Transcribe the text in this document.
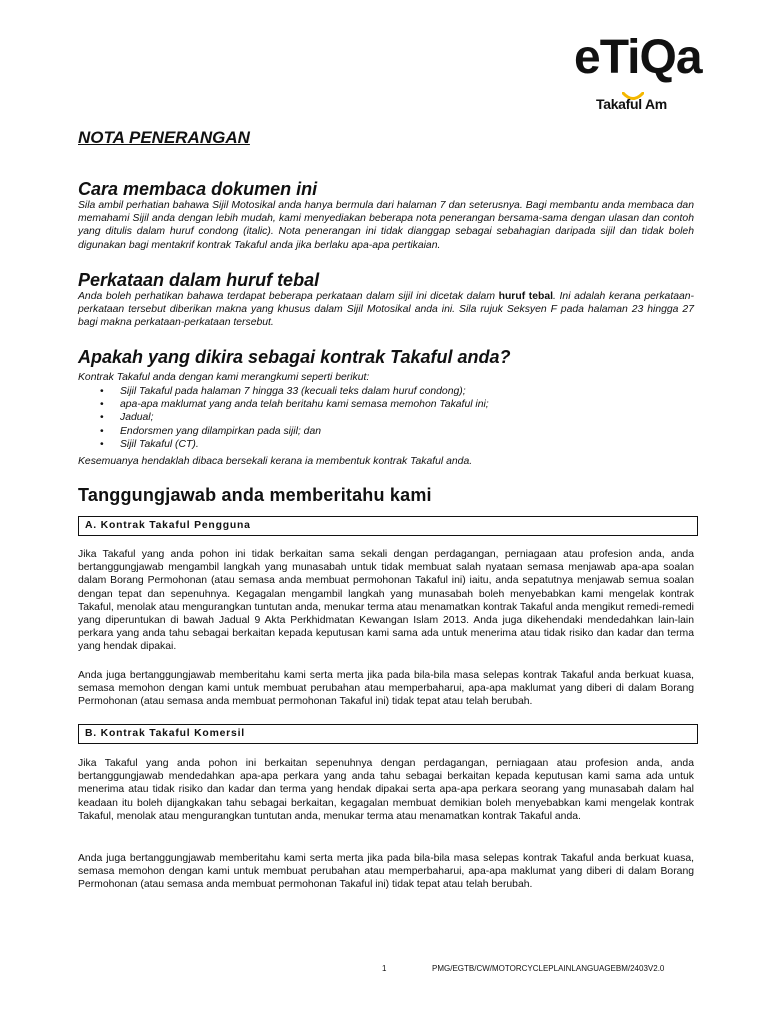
eTiQa
Takaful Am
NOTA PENERANGAN
Cara membaca dokumen ini

Sila ambil perhatian bahawa Sijil Motosikal anda hanya bermula dari halaman 7 dan seterusnya. Bagi membantu anda membaca dan memahami Sijil anda dengan lebih mudah, kami menyediakan beberapa nota penerangan bersama-sama dengan ulasan dan contoh yang ditulis dalam huruf condong (italic). Nota penerangan ini tidak dianggap sebagai sebahagian daripada sijil dan tidak boleh digunakan bagi mentakrif kontrak Takaful anda jika berlaku apa-apa pertikaian.

Perkataan dalam huruf tebal

Anda boleh perhatikan bahawa terdapat beberapa perkataan dalam sijil ini dicetak dalam huruf tebal. Ini adalah kerana perkataan-perkataan tersebut diberikan makna yang khusus dalam Sijil Motosikal anda ini. Sila rujuk Seksyen F pada halaman 23 hingga 27 bagi makna perkataan-perkataan tersebut.

Apakah yang dikira sebagai kontrak Takaful anda?

Kontrak Takaful anda dengan kami merangkumi seperti berikut:

• Sijil Takaful pada halaman 7 hingga 33 (kecuali teks dalam huruf condong);
• apa-apa maklumat yang anda telah beritahu kami semasa memohon Takaful ini;
• Jadual;
• Endorsmen yang dilampirkan pada sijil; dan
• Sijil Takaful (CT).

Kesemuanya hendaklah dibaca bersekali kerana ia membentuk kontrak Takaful anda.

Tanggungjawab anda memberitahu kami
A. Kontrak Takaful Pengguna

Jika Takaful yang anda pohon ini tidak berkaitan sama sekali dengan perdagangan, perniagaan atau profesion anda, anda bertanggungjawab mengambil langkah yang munasabah untuk tidak membuat salah nyataan semasa menjawab apa-apa soalan dalam Borang Permohonan (atau semasa anda membuat permohonan Takaful ini) iaitu, anda sepatutnya menjawab semua soalan dengan tepat dan sepenuhnya. Kegagalan mengambil langkah yang munasabah boleh menyebabkan kami mengelak kontrak Takaful, menolak atau mengurangkan tuntutan anda, menukar terma atau menamatkan kontrak Takaful anda mengikut remedi-remedi yang diperuntukan di bawah Jadual 9 Akta Perkhidmatan Kewangan Islam 2013. Anda juga dikehendaki mendedahkan lain-lain perkara yang anda tahu sebagai berkaitan kepada keputusan kami sama ada untuk menerima atau tidak risiko dan kadar dan terma yang hendak dipakai.

Anda juga bertanggungjawab memberitahu kami serta merta jika pada bila-bila masa selepas kontrak Takaful anda berkuat kuasa, semasa memohon dengan kami untuk membuat perubahan atau memperbaharui, apa-apa maklumat yang diberi di dalam Borang Permohonan (atau semasa anda membuat permohonan Takaful ini) tidak tepat atau telah berubah.

B. Kontrak Takaful Komersil

Jika Takaful yang anda pohon ini berkaitan sepenuhnya dengan perdagangan, perniagaan atau profesion anda, anda bertanggungjawab mendedahkan apa-apa perkara yang anda tahu sebagai berkaitan kepada keputusan kami sama ada untuk menerima atau tidak risiko dan kadar dan terma yang hendak dipakai serta apa-apa perkara seorang yang munasabah dalam hal keadaan itu boleh dijangkakan tahu sebagai berkaitan, kegagalan membuat demikian boleh menyebabkan kami mengelak kontrak Takaful, menolak atau mengurangkan tuntutan anda, menukar terma atau menamatkan kontrak Takaful anda.

Anda juga bertanggungjawab memberitahu kami serta merta jika pada bila-bila masa selepas kontrak Takaful anda berkuat kuasa, semasa memohon dengan kami untuk membuat perubahan atau memperbaharui, apa-apa maklumat yang diberi di dalam Borang Permohonan (atau semasa anda membuat permohonan Takaful ini) tidak tepat atau telah berubah.

1	PMG/EGTB/CW/MOTORCYCLEPLAINLANGUAGEBM/2403V2.0
